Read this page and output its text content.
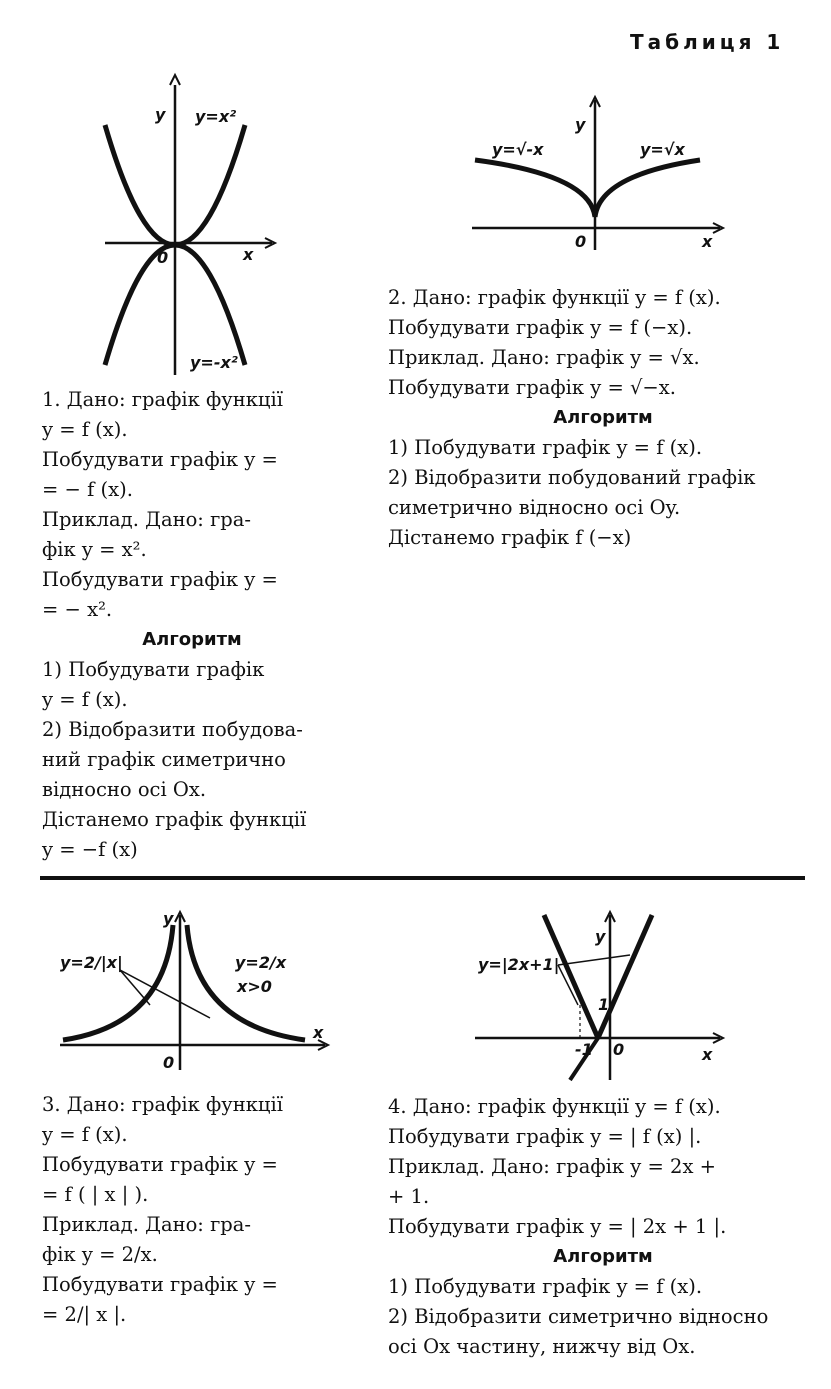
Таблиця 1
y
x
0
y=x²
y=-x²
y
x
0
y=√-x	y=√x

1. Дано: графік функції

y = f (x).

Побудувати графік y =

= − f (x).

Приклад. Дано: гра-

фік y = x².

Побудувати графік y =

= − x².

Алгоритм

1) Побудувати графік

y = f (x).

2) Відобразити побудова-

ний графік симетрично

відносно осі Ox.

Дістанемо графік функції

y = −f (x)

2. Дано: графік функції y = f (x).

Побудувати графік y = f (−x).

Приклад. Дано: графік y = √x.

Побудувати графік y = √−x.

Алгоритм

1) Побудувати графік y = f (x).

2) Відобразити побудований графік

симетрично відносно осі Oy.

Дістанемо графік f (−x)

y
x
0
y=2/|x|	y=2/x
x>0
y
x
0
-1
1
y=|2x+1|

3. Дано: графік функції

y = f (x).

Побудувати графік y =

= f ( | x | ).

Приклад. Дано: гра-

фік y = 2/x.

Побудувати графік y =

= 2/| x |.

4. Дано: графік функції y = f (x).

Побудувати графік y = | f (x) |.

Приклад. Дано: графік y = 2x +

+ 1.

Побудувати графік y = | 2x + 1 |.

Алгоритм

1) Побудувати графік y = f (x).

2) Відобразити симетрично відносно

осі Ox частину, нижчу від Ox.
